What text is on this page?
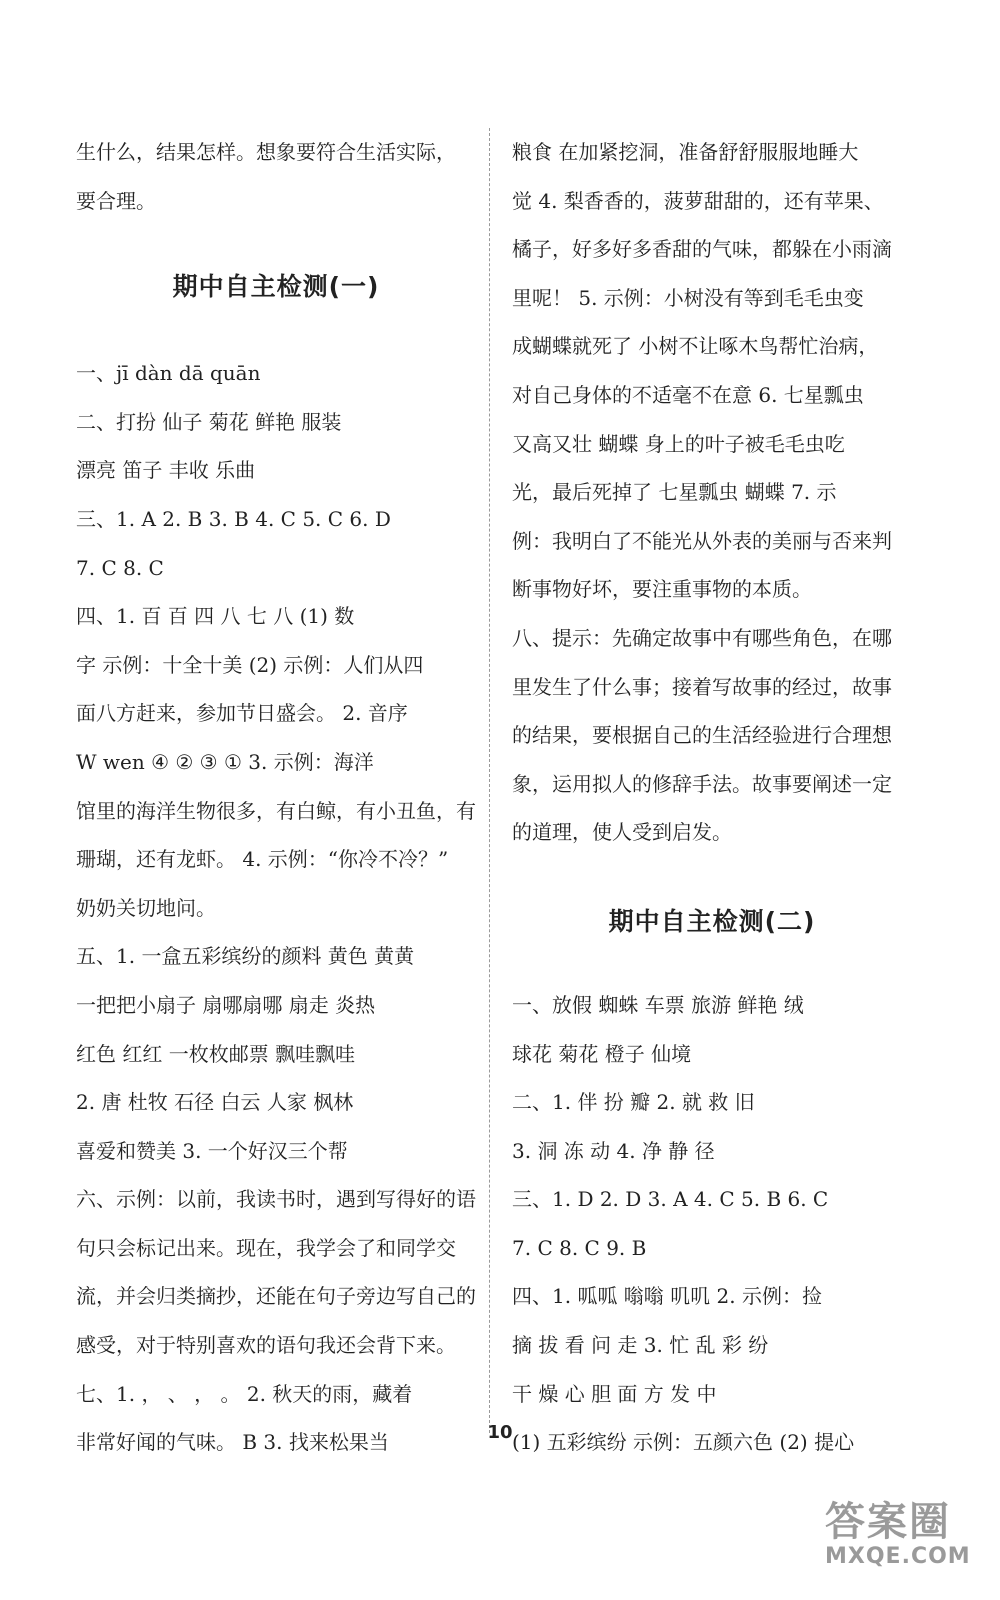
生什么，结果怎样。想象要符合生活实际，
要合理。
期中自主检测(一)
一、jī dàn dā quān
二、打扮 仙子 菊花 鲜艳 服装
漂亮 笛子 丰收 乐曲
三、1. A 2. B 3. B 4. C 5. C 6. D
7. C 8. C
四、1. 百 百 四 八 七 八 (1) 数
字 示例：十全十美 (2) 示例：人们从四
面八方赶来，参加节日盛会。 2. 音序
W wen ④ ② ③ ① 3. 示例：海洋
馆里的海洋生物很多，有白鲸，有小丑鱼，有
珊瑚，还有龙虾。 4. 示例：“你冷不冷？”
奶奶关切地问。
五、1. 一盒五彩缤纷的颜料 黄色 黄黄
一把把小扇子 扇哪扇哪 扇走 炎热
红色 红红 一枚枚邮票 飘哇飘哇
2. 唐 杜牧 石径 白云 人家 枫林
喜爱和赞美 3. 一个好汉三个帮
六、示例：以前，我读书时，遇到写得好的语
句只会标记出来。现在，我学会了和同学交
流，并会归类摘抄，还能在句子旁边写自己的
感受，对于特别喜欢的语句我还会背下来。
七、1. ， 、 ， 。 2. 秋天的雨，藏着
非常好闻的气味。 B 3. 找来松果当
粮食 在加紧挖洞，准备舒舒服服地睡大
觉 4. 梨香香的，菠萝甜甜的，还有苹果、
橘子，好多好多香甜的气味，都躲在小雨滴
里呢！ 5. 示例：小树没有等到毛毛虫变
成蝴蝶就死了 小树不让啄木鸟帮忙治病，
对自己身体的不适毫不在意 6. 七星瓢虫
又高又壮 蝴蝶 身上的叶子被毛毛虫吃
光，最后死掉了 七星瓢虫 蝴蝶 7. 示
例：我明白了不能光从外表的美丽与否来判
断事物好坏，要注重事物的本质。
八、提示：先确定故事中有哪些角色，在哪
里发生了什么事；接着写故事的经过，故事
的结果，要根据自己的生活经验进行合理想
象，运用拟人的修辞手法。故事要阐述一定
的道理，使人受到启发。
期中自主检测(二)
一、放假 蜘蛛 车票 旅游 鲜艳 绒
球花 菊花 橙子 仙境
二、1. 伴 扮 瓣 2. 就 救 旧
3. 洞 冻 动 4. 净 静 径
三、1. D 2. D 3. A 4. C 5. B 6. C
7. C 8. C 9. B
四、1. 呱呱 嗡嗡 叽叽 2. 示例：捡
摘 拔 看 问 走 3. 忙 乱 彩 纷
干 燥 心 胆 面 方 发 中
(1) 五彩缤纷 示例：五颜六色 (2) 提心
10
答案圈
MXQE.COM
